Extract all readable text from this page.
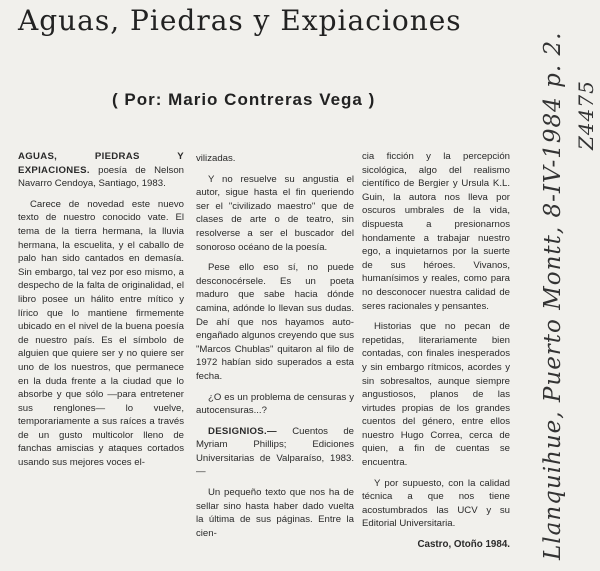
Aguas, Piedras y Expiaciones
( Por: Mario Contreras Vega )

AGUAS, PIEDRAS Y EXPIACIONES. poesía de Nelson Navarro Cendoya, Santiago, 1983.

Carece de novedad este nuevo texto de nuestro conocido vate. El tema de la tierra hermana, la lluvia hermana, la escuelita, y el caballo de palo han sido cantados en demasía. Sin embargo, tal vez por eso mismo, a despecho de la falta de originalidad, el libro posee un hálito entre mítico y lírico que lo mantiene firmemente ubicado en el nivel de la buena poesía de nuestro país. Es el símbolo de alguien que quiere ser y no quiere ser uno de los nuestros, que permanece en la duda frente a la ciudad que lo absorbe y que sólo —para entretener sus renglones— lo vuelve, temporariamente a sus raíces a través de un gusto multicolor lleno de fanchas amiscias y ataques cortados usando sus mejores voces el-

vilizadas.

Y no resuelve su angustia el autor, sigue hasta el fin queriendo ser el "civilizado maestro" que de clases de arte o de teatro, sin resolverse a ser el buscador del sonoroso océano de la poesía.

Pese ello eso sí, no puede desconocérsele. Es un poeta maduro que sabe hacia dónde camina, adónde lo llevan sus dudas. De ahí que nos hayamos auto-engañado algunos creyendo que sus "Marcos Chublas" quitaron al filo de 1972 habían sido superados a esta fecha.

¿O es un problema de censuras y autocensuras...?

DESIGNIOS.— Cuentos de Myriam Phillips; Ediciones Universitarias de Valparaíso, 1983.—

Un pequeño texto que nos ha de sellar sino hasta haber dado vuelta la última de sus páginas. Entre la cien-

cia ficción y la percepción sicológica, algo del realismo científico de Bergier y Ursula K.L. Guin, la autora nos lleva por oscuros umbrales de la vida, dispuesta a presionarnos hondamente a trabajar nuestro ego, a inquietarnos por la suerte de sus héroes. Vivanos, humanísimos y reales, como para no desconocer nuestra calidad de seres racionales y pensantes.

Historias que no pecan de repetidas, literariamente bien contadas, con finales inesperados y sin embargo rítmicos, acordes y sin sobresaltos, aunque siempre angustiosos, planos de las virtudes propias de los grandes cuentos del género, entre ellos nuestro Hugo Correa, cerca de quien, a fin de cuentas se encuentra.

Y por supuesto, con la calidad técnica a que nos tiene acostumbrados las UCV y su Editorial Universitaria.

Castro, Otoño 1984. Llanquihue, Puerto Montt, 8-IV-1984 p. 2. Z4475
